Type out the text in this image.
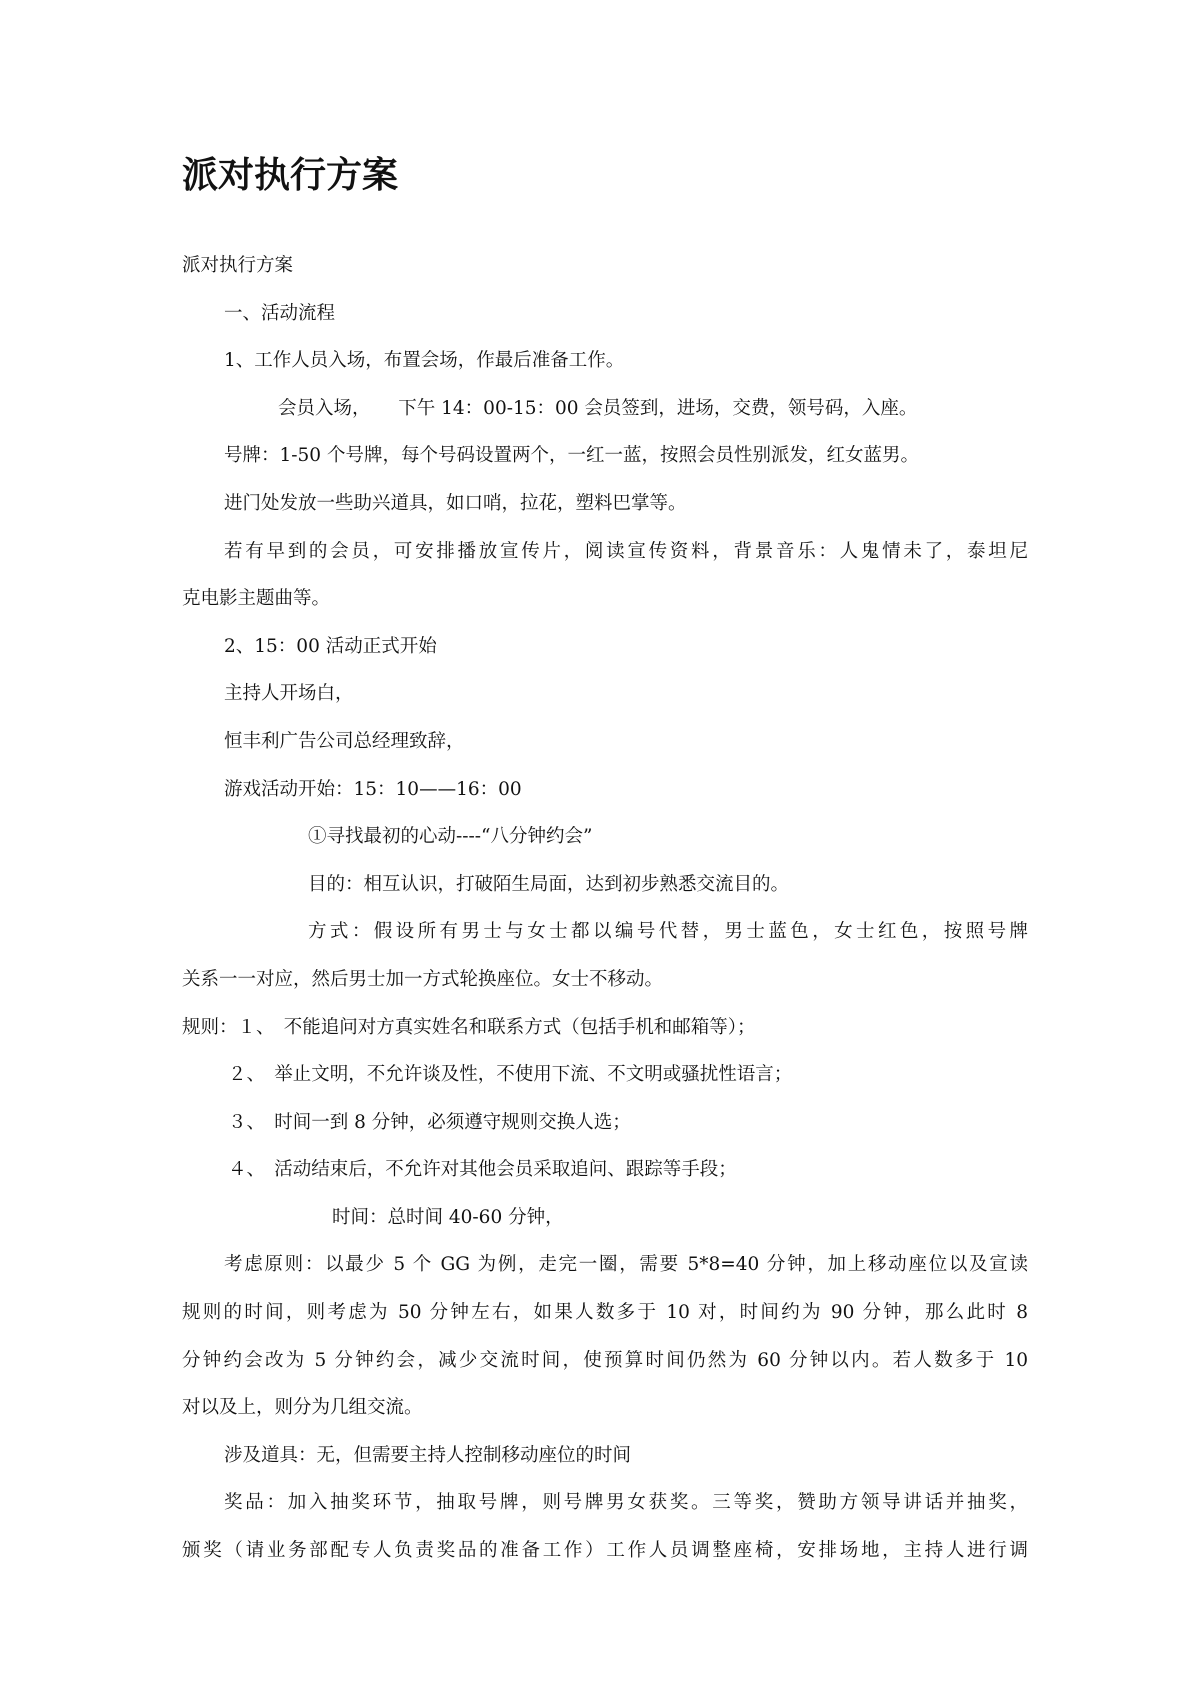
派对执行方案
派对执行方案
一、活动流程
1、工作人员入场，布置会场，作最后准备工作。
会员入场，　　下午 14：00-15：00 会员签到，进场，交费，领号码，入座。
号牌：1-50 个号牌，每个号码设置两个，一红一蓝，按照会员性别派发，红女蓝男。
进门处发放一些助兴道具，如口哨，拉花，塑料巴掌等。
若有早到的会员，可安排播放宣传片，阅读宣传资料，背景音乐：人鬼情未了，泰坦尼
克电影主题曲等。
2、15：00 活动正式开始
主持人开场白，
恒丰利广告公司总经理致辞，
游戏活动开始：15：10——16：00
①寻找最初的心动----“八分钟约会”
目的：相互认识，打破陌生局面，达到初步熟悉交流目的。
方式：假设所有男士与女士都以编号代替，男士蓝色，女士红色，按照号牌
关系一一对应，然后男士加一方式轮换座位。女士不移动。
规则：１、　不能追问对方真实姓名和联系方式（包括手机和邮箱等）；
２、　举止文明，不允许谈及性，不使用下流、不文明或骚扰性语言；
３、　时间一到 8 分钟，必须遵守规则交换人选；
４、　活动结束后，不允许对其他会员采取追问、跟踪等手段；
时间：总时间 40-60 分钟，
考虑原则：以最少 5 个 GG 为例，走完一圈，需要 5*8=40 分钟，加上移动座位以及宣读
规则的时间，则考虑为 50 分钟左右，如果人数多于 10 对，时间约为 90 分钟，那么此时 8
分钟约会改为 5 分钟约会，减少交流时间，使预算时间仍然为 60 分钟以内。若人数多于 10
对以及上，则分为几组交流。
涉及道具：无，但需要主持人控制移动座位的时间
奖品：加入抽奖环节，抽取号牌，则号牌男女获奖。三等奖，赞助方领导讲话并抽奖，
颁奖（请业务部配专人负责奖品的准备工作）工作人员调整座椅，安排场地，主持人进行调
